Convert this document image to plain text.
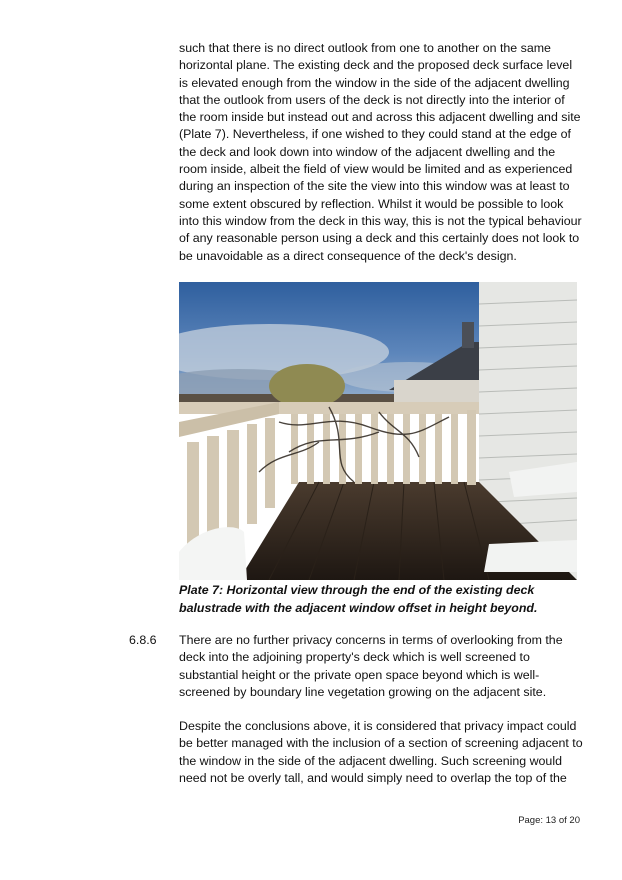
such that there is no direct outlook from one to another on the same horizontal plane. The existing deck and the proposed deck surface level is elevated enough from the window in the side of the adjacent dwelling that the outlook from users of the deck is not directly into the interior of the room inside but instead out and across this adjacent dwelling and site (Plate 7). Nevertheless, if one wished to they could stand at the edge of the deck and look down into window of the adjacent dwelling and the room inside, albeit the field of view would be limited and as experienced during an inspection of the site the view into this window was at least to some extent obscured by reflection. Whilst it would be possible to look into this window from the deck in this way, this is not the typical behaviour of any reasonable person using a deck and this certainly does not look to be unavoidable as a direct consequence of the deck's design.

Plate 7: Horizontal view through the end of the existing deck balustrade with the adjacent window offset in height beyond.

6.8.6 There are no further privacy concerns in terms of overlooking from the deck into the adjoining property's deck which is well screened to substantial height or the private open space beyond which is well-screened by boundary line vegetation growing on the adjacent site.

Despite the conclusions above, it is considered that privacy impact could be better managed with the inclusion of a section of screening adjacent to the window in the side of the adjacent dwelling. Such screening would need not be overly tall, and would simply need to overlap the top of the

Page: 13 of 20
